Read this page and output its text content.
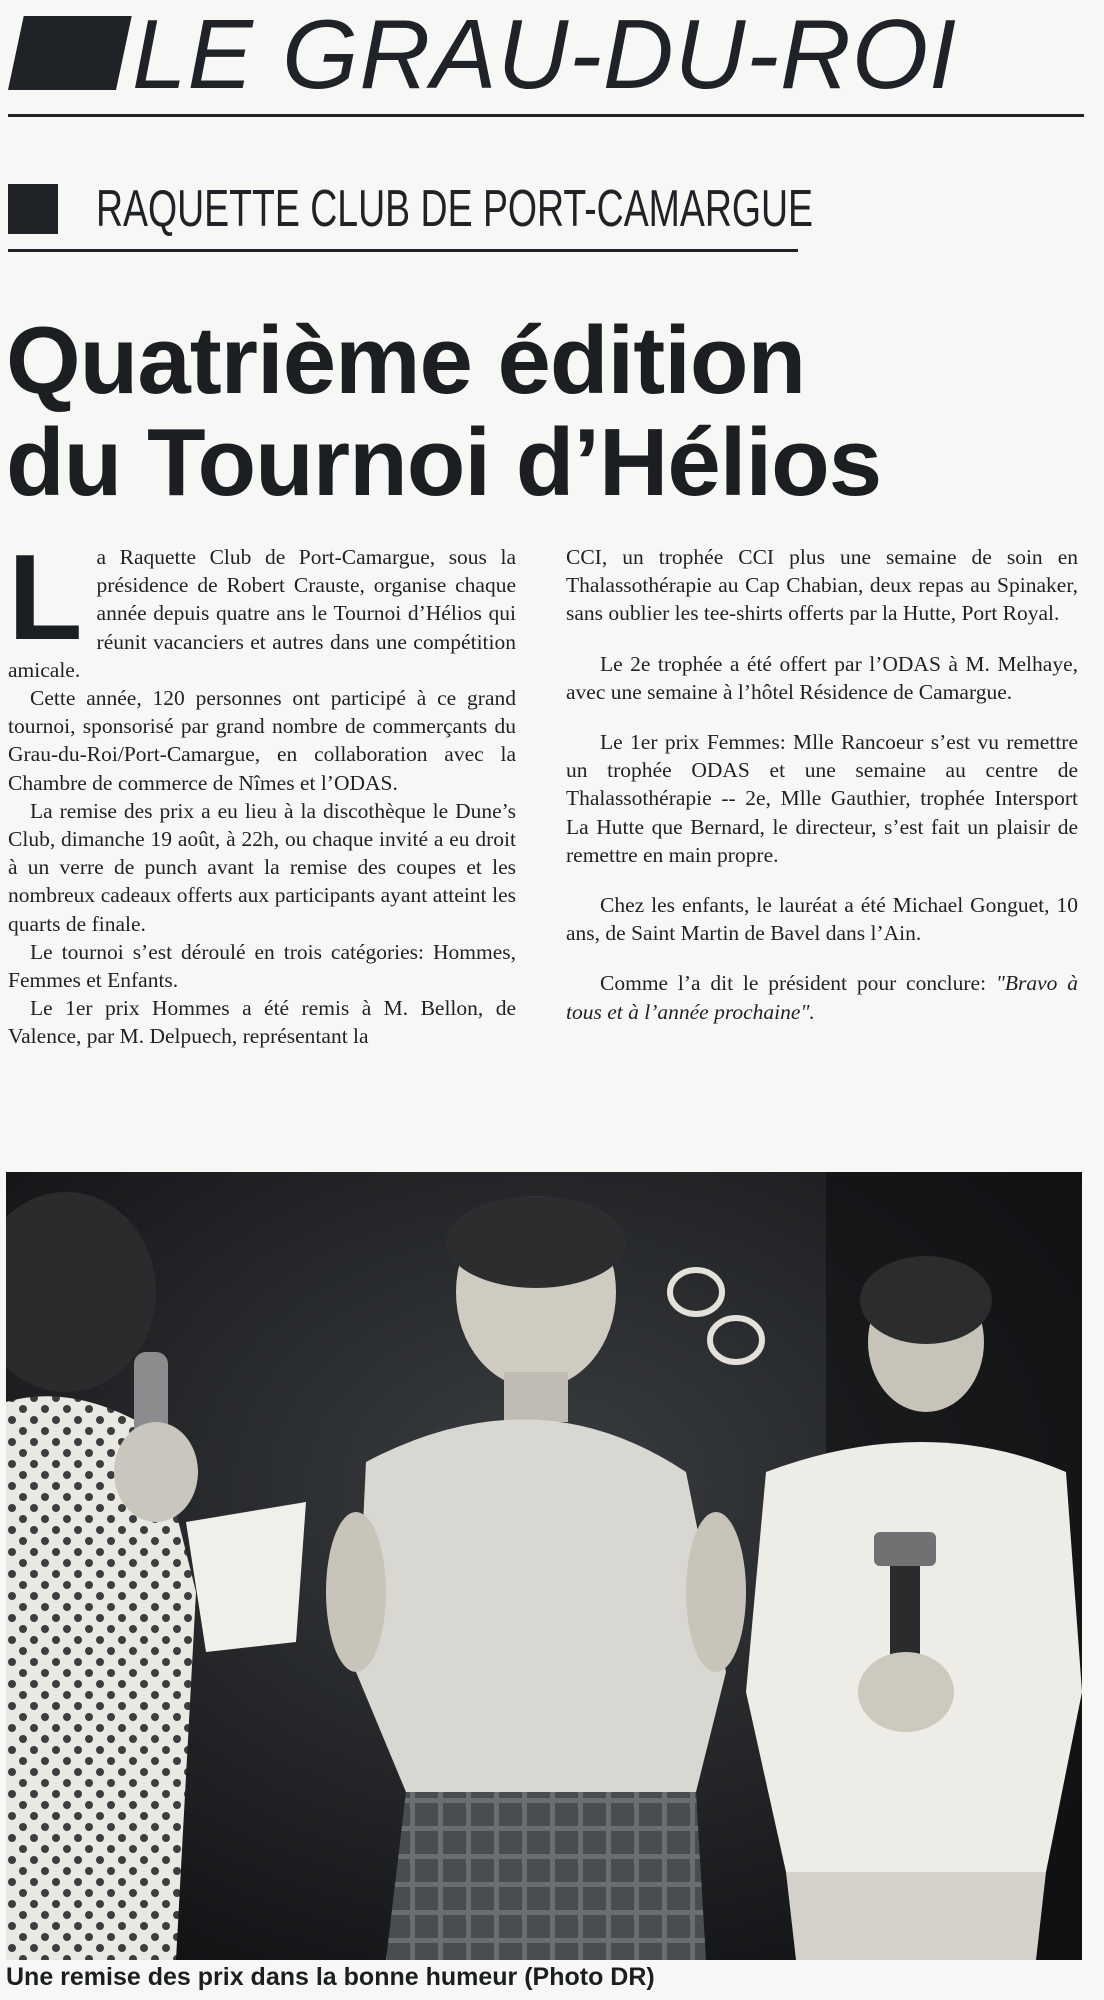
LE GRAU-DU-ROI
RAQUETTE CLUB DE PORT-CAMARGUE
Quatrième édition
du Tournoi d’Hélios

La Raquette Club de Port-Camargue, sous la présidence de Robert Crauste, organise chaque année depuis quatre ans le Tournoi d’Hélios qui réunit vacanciers et autres dans une compétition amicale.

Cette année, 120 personnes ont participé à ce grand tournoi, sponsorisé par grand nombre de commerçants du Grau-du-Roi/Port-Camargue, en collaboration avec la Chambre de commerce de Nîmes et l’ODAS.

La remise des prix a eu lieu à la discothèque le Dune’s Club, dimanche 19 août, à 22h, ou chaque invité a eu droit à un verre de punch avant la remise des coupes et les nombreux cadeaux offerts aux participants ayant atteint les quarts de finale.

Le tournoi s’est déroulé en trois catégories: Hommes, Femmes et Enfants.

Le 1er prix Hommes a été remis à M. Bellon, de Valence, par M. Delpuech, représentant la

CCI, un trophée CCI plus une semaine de soin en Thalassothérapie au Cap Chabian, deux repas au Spinaker, sans oublier les tee-shirts offerts par la Hutte, Port Royal.

Le 2e trophée a été offert par l’ODAS à M. Melhaye, avec une semaine à l’hôtel Résidence de Camargue.

Le 1er prix Femmes: Mlle Rancoeur s’est vu remettre un trophée ODAS et une semaine au centre de Thalassothérapie -- 2e, Mlle Gauthier, trophée Intersport La Hutte que Bernard, le directeur, s’est fait un plaisir de remettre en main propre.

Chez les enfants, le lauréat a été Michael Gonguet, 10 ans, de Saint Martin de Bavel dans l’Ain.

Comme l’a dit le président pour conclure: "Bravo à tous et à l’année prochaine".

Une remise des prix dans la bonne humeur (Photo DR)
